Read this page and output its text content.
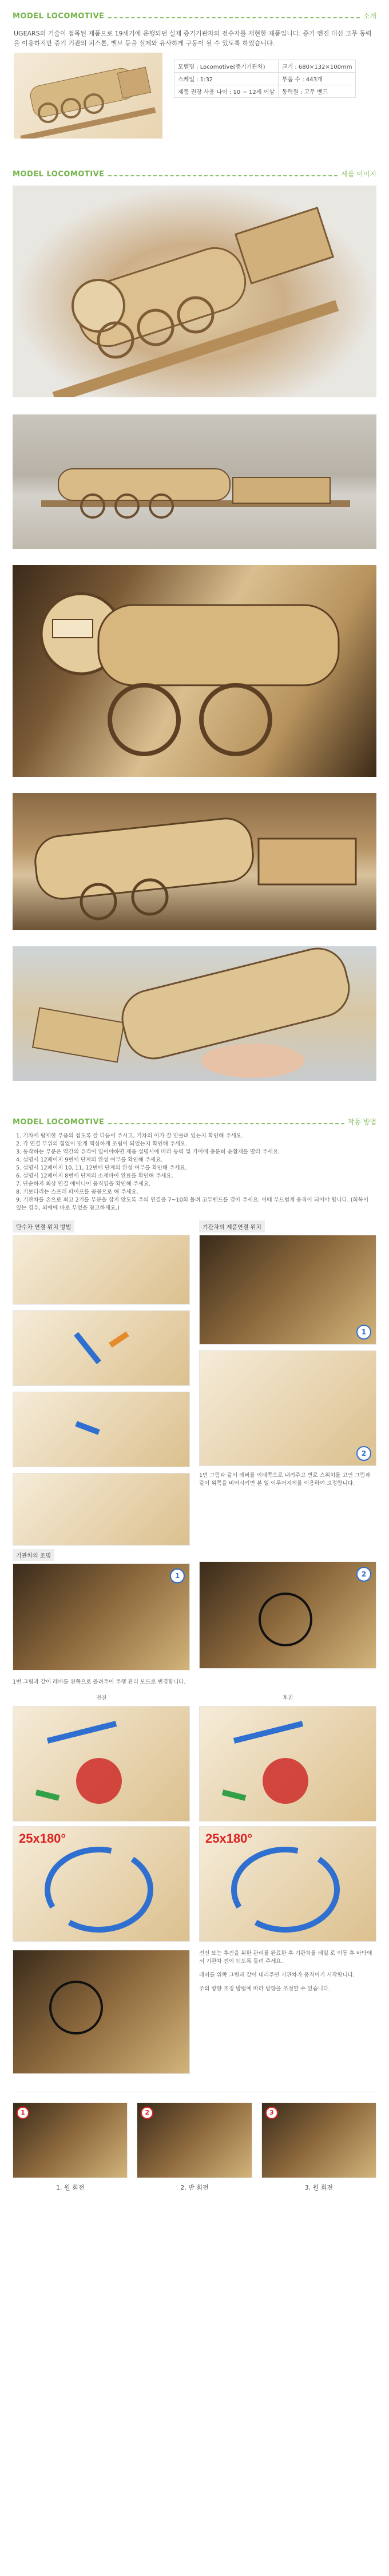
MODEL LOCOMOTIVE	소개
UGEARS의 기술이 접목된 제품으로 19세기에 운행되던 실제 증기기관차의 전수자를 재현한 제품입니다. 증기 엔진 대신 고무 동력을 이용하지만 증기 기관의 피스톤, 밸브 등을 실제와 유사하게 구동이 될 수 있도록 하였습니다.
모델명 : Locomotive(증기기관차)	크기 : 680×132×100mm
스케일 : 1:32	부품 수 : 443개
제품 권장 사용 나이 : 10 ~ 12세 이상	동력원 : 고무 밴드
MODEL LOCOMOTIVE	제품 이미지
MODEL LOCOMOTIVE	작동 방법
1. 기차에 탑재한 부품의 접도록 잘 다듬어 주시고, 기차의 이가 잘 맞물려 있는지 확인해 주세요.
2. 각 연결 부위의 힘없이 맞게 핵심하게 조립이 되었는지 확인해 주세요.
3. 동작하는 부분은 약간의 유격이 있어야하면 제품 설명서에 따라 동력 및 기어에 충분히 윤활제를 발라 주세요.
4. 설명서 12페이지 9번에 단계의 완성 여부를 확인해 주세요.
5. 설명서 12페이지 10, 11, 12번에 단계의 완성 여부를 확인해 주세요.
6. 설명서 12페이지 8번에 단계의 소재바이 완료를 확인해 주세요.
7. 단순하지 최상 연결 에어니어 움직임을 확인해 주세요.
8. 키보다리는 스프레 파이프를 꼼꼼으로 해 주세요.
9. 기관차를 손으로 최고 2기를 부분을 잡지 않도록 주의 연결을 7~10회 돌려 고무밴드를 감아 주세요. 이때 부드럽게 움직이 되어야 합니다. (회복이 있는 경우, 외에에 바로 부었을 참고하세요.)
탄수차 연결 위치 방법	기관차의 제품연결 위치
1
2
1번 그림과 같이 레버를 이래쪽으로 내려주고 변로 스위치를 고인 그림과 같이 위쪽을 비어시키면 본 일 이루어지게를 이용하여 고정합니다.
기관차의 조명
1	2
1번 그림과 같이 레버를 왼쪽으로 올려주어 주행 관리 모드로 변경합니다.
전진
25x180°
후진
25x180°
전진 또는 후진을 위한 관리를 완료한 후 기관차를 레일 로 이동 후 바닥에서 기관차 전이 되도록 돌려 주세요.
레버를 위쪽 그림과 같이 내리주면 기관차가 움직이기 시작합니다.
주의 방향 조정 방법에 따라 방향을 조정할 수 있습니다.
1
1. 원 회전
2
2. 반 회전
3
3. 원 회전
